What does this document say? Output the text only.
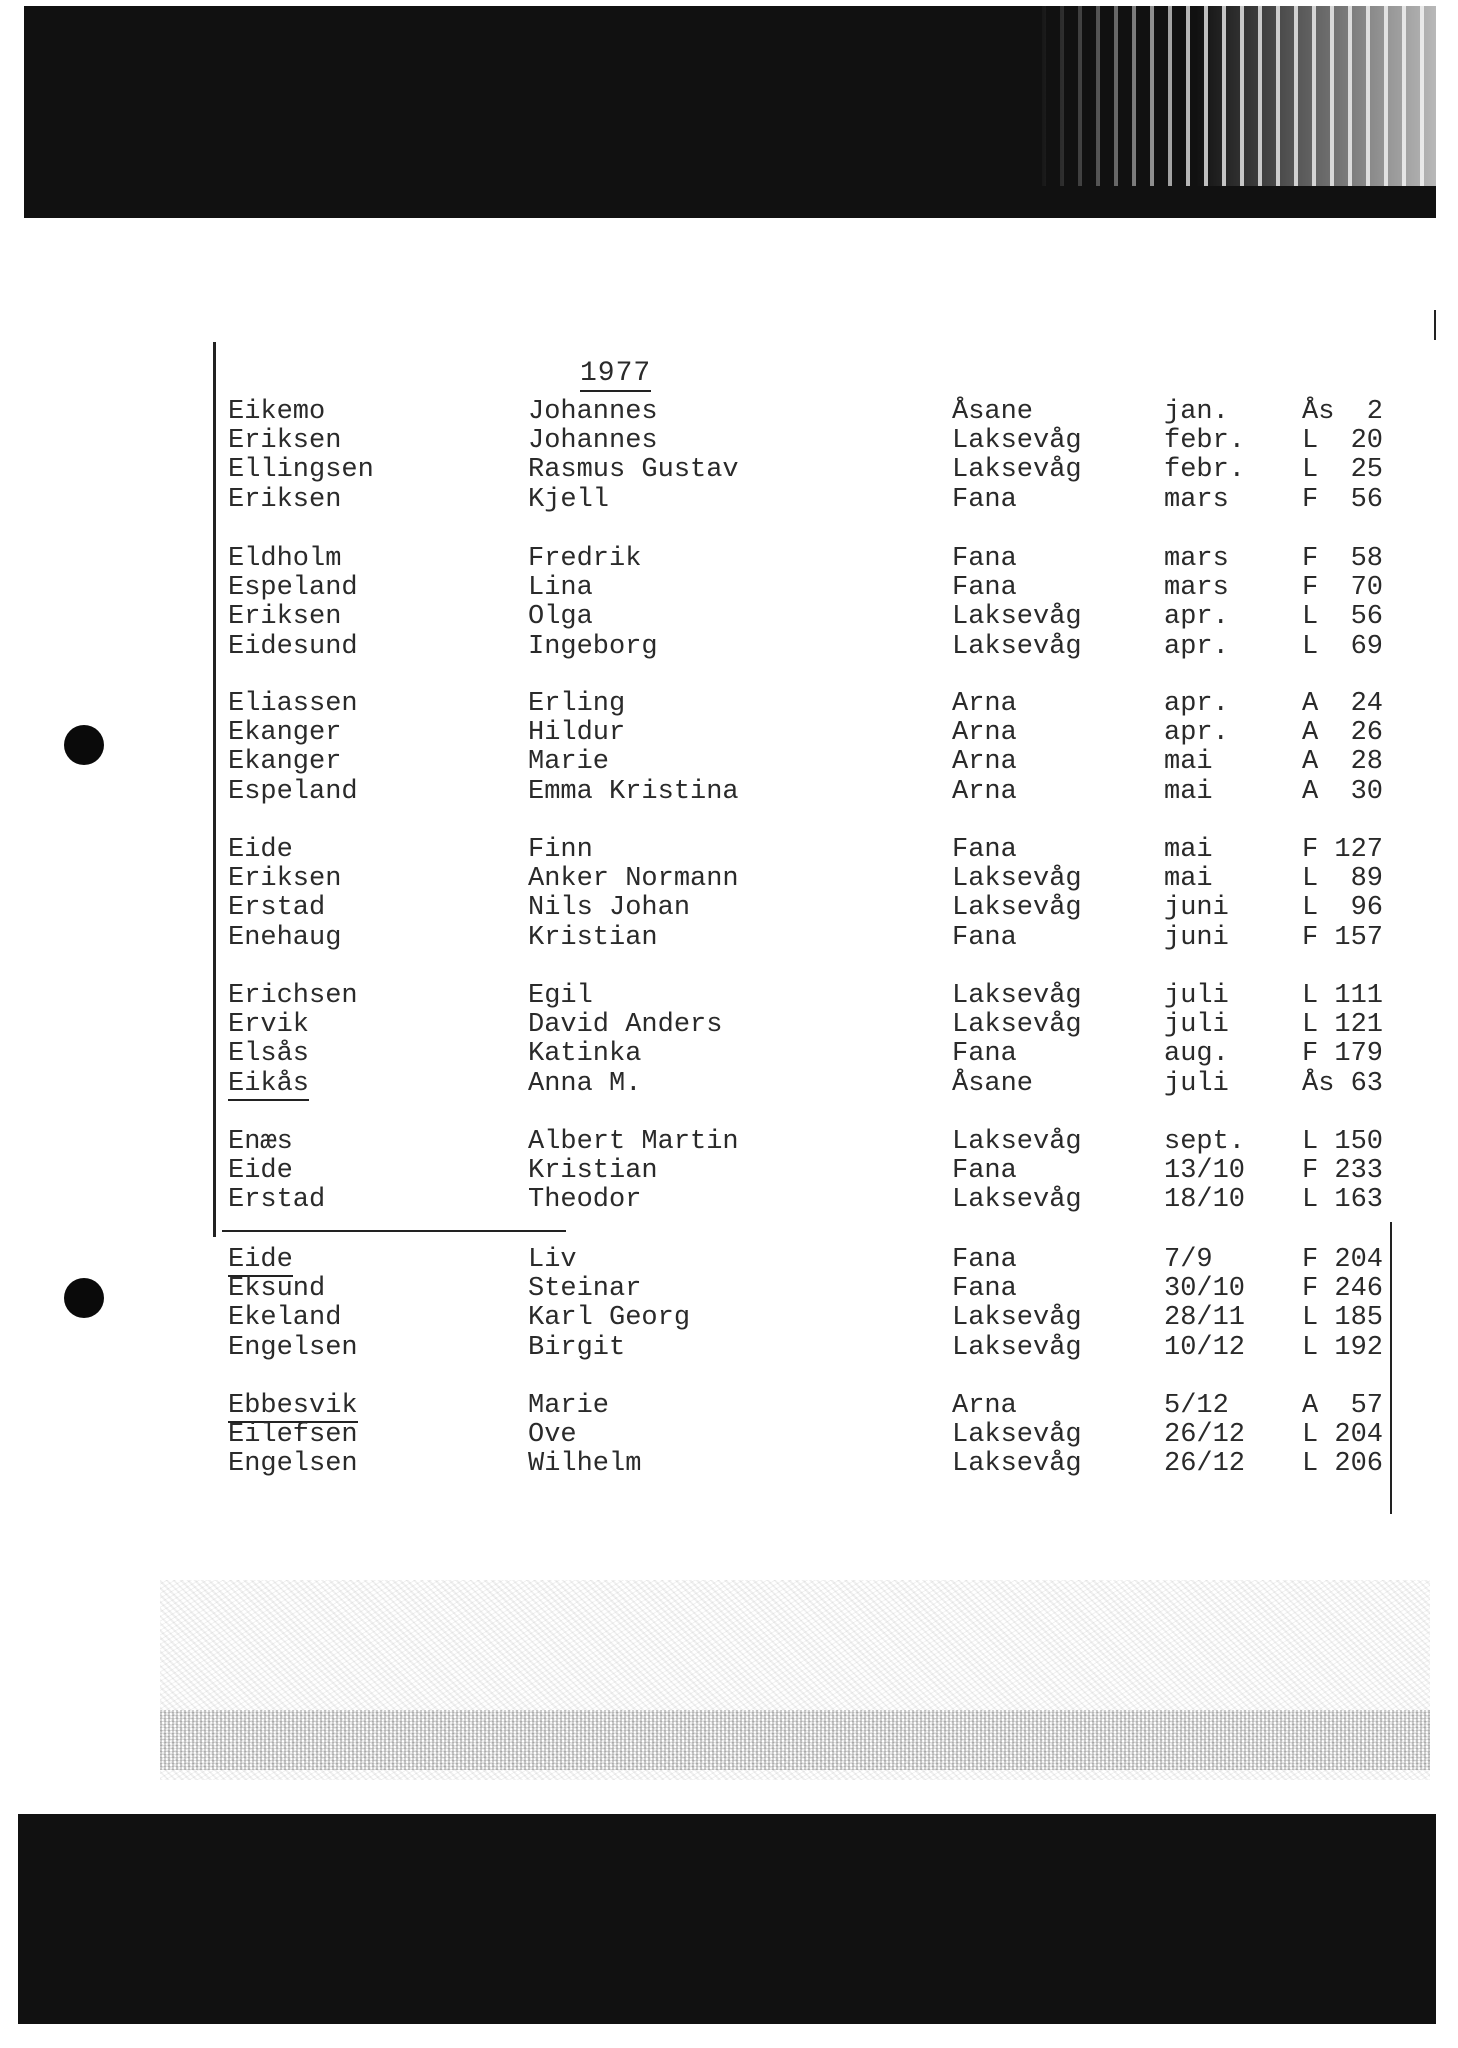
1977
Eikemo	Johannes	Åsane	jan.	Ås  2
Eriksen	Johannes	Laksevåg	febr. L  20
Ellingsen	Rasmus Gustav	Laksevåg	febr. L  25
Eriksen	Kjell	Fana	mars	F  56
Eldholm	Fredrik	Fana	mars	F  58
Espeland	Lina	Fana	mars	F  70
Eriksen	Olga	Laksevåg	apr.	L  56
Eidesund	Ingeborg	Laksevåg	apr.	L  69
Eliassen	Erling	Arna	apr.	A  24
Ekanger	Hildur	Arna	apr.	A  26
Ekanger	Marie	Arna	mai	A  28
Espeland	Emma Kristina	Arna	mai	A  30
Eide	Finn	Fana	mai	F 127
Eriksen	Anker Normann	Laksevåg	mai	L  89
Erstad	Nils Johan	Laksevåg	juni	L  96
Enehaug	Kristian	Fana	juni	F 157
Erichsen	Egil	Laksevåg	juli	L 111
Ervik	David Anders	Laksevåg	juli	L 121
Elsås	Katinka	Fana	aug.	F 179
Eikås	Anna M.	Åsane	juli	Ås 63
Enæs	Albert Martin	Laksevåg	sept. L 150
Eide	Kristian	Fana	13/10 F 233
Erstad	Theodor	Laksevåg	18/10 L 163
Eide	Liv	Fana	7/9	F 204
Eksund	Steinar	Fana	30/10 F 246
Ekeland	Karl Georg	Laksevåg	28/11 L 185
Engelsen	Birgit	Laksevåg	10/12 L 192
Ebbesvik	Marie	Arna	5/12	A  57
Eilefsen	Ove	Laksevåg	26/12 L 204
Engelsen	Wilhelm	Laksevåg	26/12 L 206
